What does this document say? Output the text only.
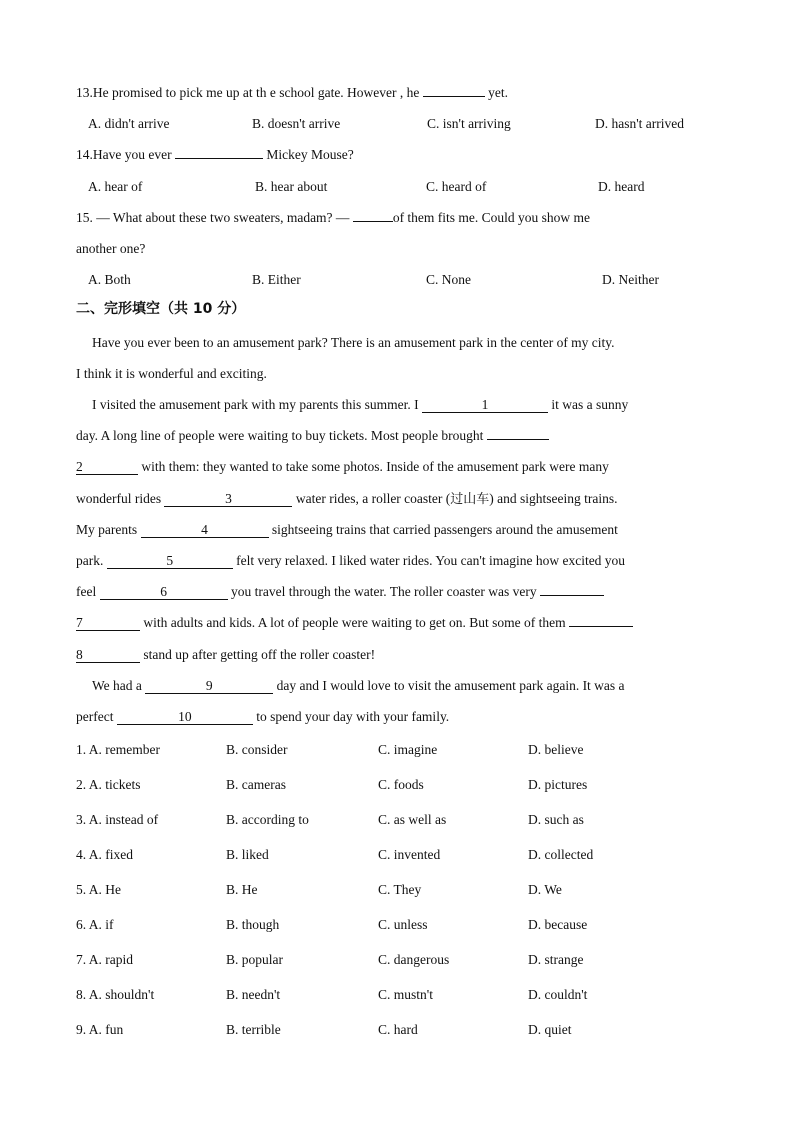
13.He promised to pick me up at th e school gate. However , he	yet.
A. didn't arrive	B. doesn't arrive	C. isn't arriving	D. hasn't arrived
14.Have you ever	Mickey Mouse?
A. hear of	B. hear about	C. heard of	D. heard
15. — What about these two sweaters, madam? —	of them fits me. Could you show me
another one?
A. Both	B. Either	C. None	D. Neither
二、完形填空（共 10 分）
Have you ever been to an amusement park? There is an amusement park in the center of my city.
I think it is wonderful and exciting.
I visited the amusement park with my parents this summer. I	1	it was a sunny
day. A long line of people were waiting to buy tickets. Most people brought
2	with them: they wanted to take some photos. Inside of the amusement park were many
wonderful rides	3	water rides, a roller coaster (过山车) and sightseeing trains.
My parents	4	sightseeing trains that carried passengers around the amusement
park.	5	felt very relaxed. I liked water rides. You can't imagine how excited you
feel	6	you travel through the water. The roller coaster was very
7	with adults and kids. A lot of people were waiting to get on. But some of them
8	stand up after getting off the roller coaster!
We had a	9	day and I would love to visit the amusement park again. It was a
perfect	10	to spend your day with your family.
1. A. remember	B. consider	C. imagine	D. believe
2. A. tickets	B. cameras	C. foods	D. pictures
3. A. instead of	B. according to	C. as well as	D. such as
4. A. fixed	B. liked	C. invented	D. collected
5. A. He	B. He	C. They	D. We
6. A. if	B. though	C. unless	D. because
7. A. rapid	B. popular	C. dangerous	D. strange
8. A. shouldn't	B. needn't	C. mustn't	D. couldn't
9. A. fun	B. terrible	C. hard	D. quiet
